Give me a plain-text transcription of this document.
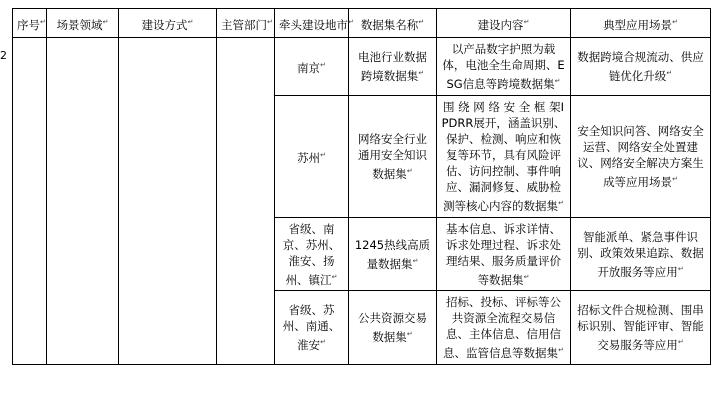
2
序号↵	场景领域↵	建设方式↵	主管部门↵	牵头建设地市↵	数据集名称↵	建设内容↵	典型应用场景↵
				南京↵	电池行业数据跨境数据集↵	以产品数字护照为载体，电池全生命周期、ESG信息等跨境数据集↵	数据跨境合规流动、供应链优化升级↵
				苏州↵	网络安全行业通用安全知识数据集↵	围 绕 网 络 安 全 框 架IPDRR展开，涵盖识别、保护、检测、响应和恢复等环节，具有风险评估、访问控制、事件响应、漏洞修复、威胁检测等核心内容的数据集↵	安全知识问答、网络安全运营、网络安全处置建议、网络安全解决方案生成等应用场景↵
				省级、南京、苏州、淮安、扬州、镇江↵	1245热线高质量数据集↵	基本信息、诉求详情、诉求处理过程、诉求处理结果、服务质量评价等数据集↵	智能派单、紧急事件识别、政策效果追踪、数据开放服务等应用↵
				省级、苏州、南通、淮安↵	公共资源交易数据集↵	招标、投标、评标等公共资源全流程交易信息、主体信息、信用信息、监管信息等数据集↵	招标文件合规检测、围串标识别、智能评审、智能交易服务等应用↵
